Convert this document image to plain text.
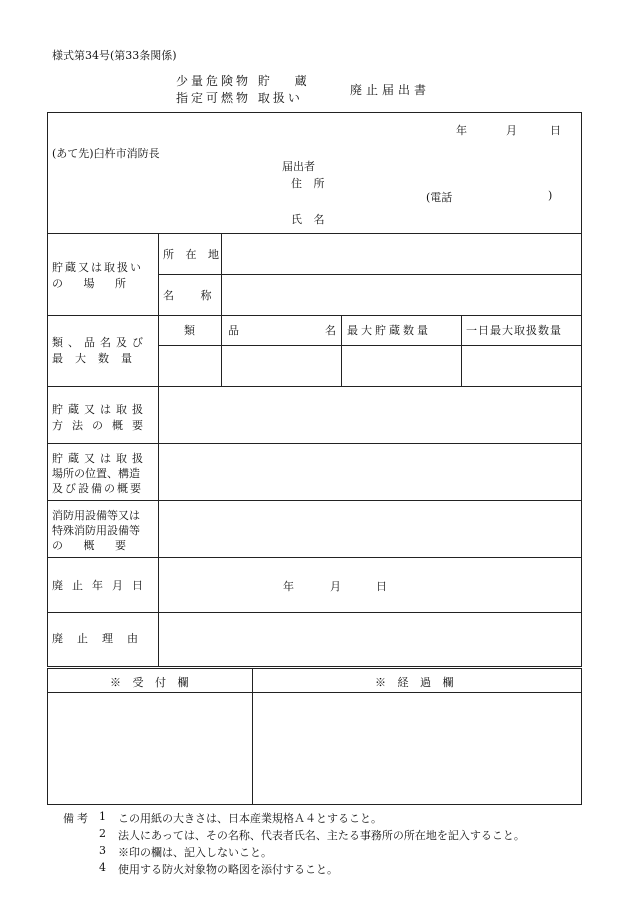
様式第34号(第33条関係)
少量危険物 貯　 蔵
指定可燃物 取扱い
廃止届出書
年	月	日
(あて先)臼杵市消防長
届出者
住 所
(電話	)
氏 名
貯蔵又は取扱い
の　 場　 所
所 在 地
名　 称
類、品名及び
最大数量
類	品	名 最大貯蔵数量	一日最大取扱数量
貯蔵又は取扱
方法の概要
貯蔵又は取扱
場所の位置、構造
及び設備の概要
消防用設備等又は
特殊消防用設備等
の　 概　 要
廃止年月日	年	月	日
廃止理由
※ 受 付 欄	※ 経 過 欄
備考 1 この用紙の大きさは、日本産業規格Ａ４とすること。
2 法人にあっては、その名称、代表者氏名、主たる事務所の所在地を記入すること。
3 ※印の欄は、記入しないこと。
4 使用する防火対象物の略図を添付すること。
